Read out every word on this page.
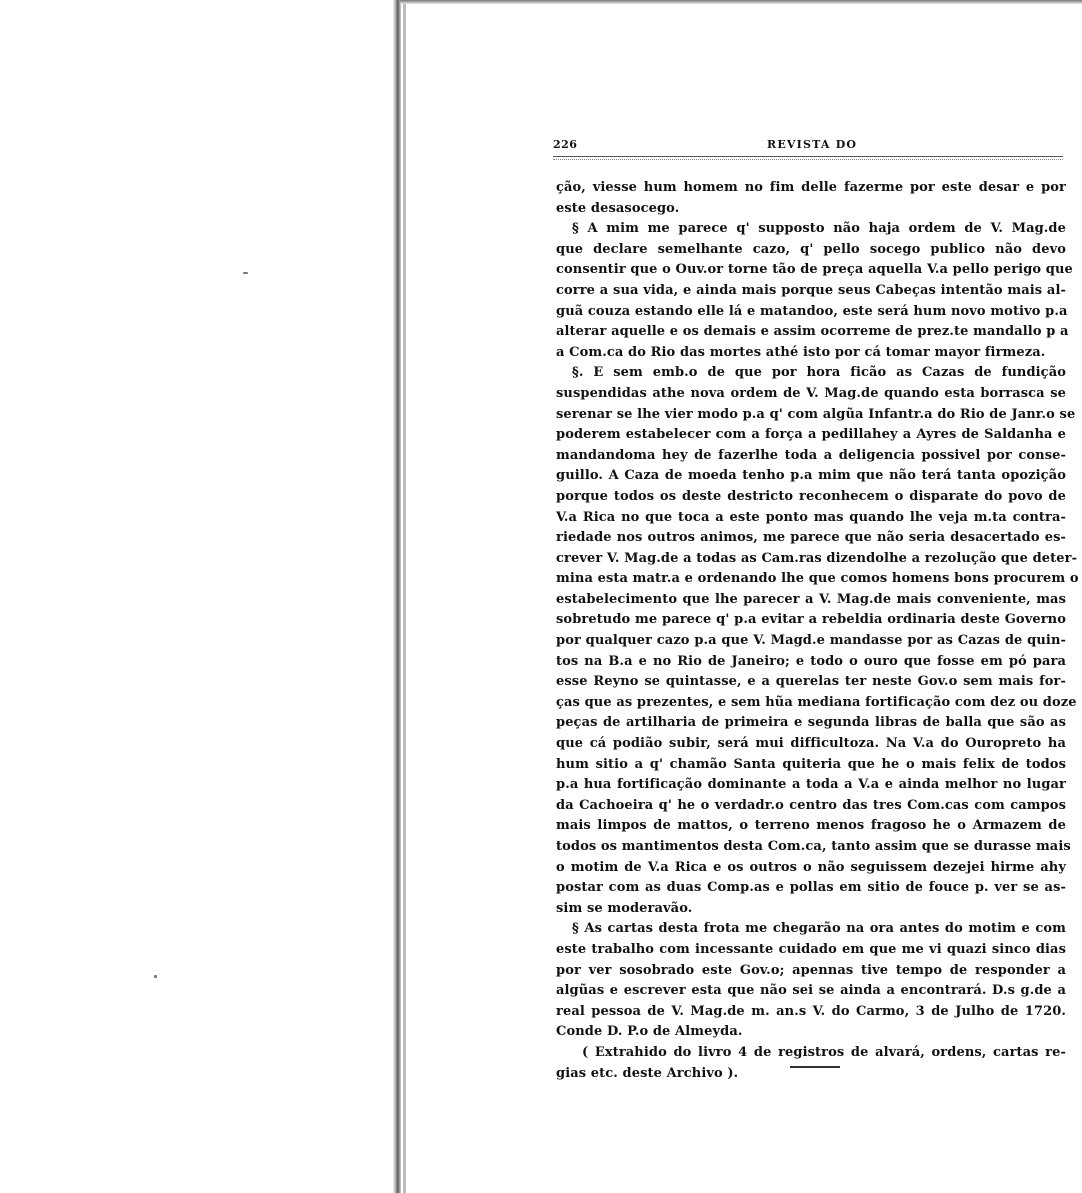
226	REVISTA DO
ção, viesse hum homem no fim delle fazerme por este desar e por
este desasocego.
§ A mim me parece q' supposto não haja ordem de V. Mag.de
que declare semelhante cazo, q' pello socego publico não devo
consentir que o Ouv.or torne tão de preça aquella V.a pello perigo que
corre a sua vida, e ainda mais porque seus Cabeças intentão mais al-
guã couza estando elle lá e matandoo, este será hum novo motivo p.a
alterar aquelle e os demais e assim ocorreme de prez.te mandallo p a
a Com.ca do Rio das mortes athé isto por cá tomar mayor firmeza.
§. E sem emb.o de que por hora ficão as Cazas de fundição
suspendidas athe nova ordem de V. Mag.de quando esta borrasca se
serenar se lhe vier modo p.a q' com algũa Infantr.a do Rio de Janr.o se
poderem estabelecer com a força a pedillahey a Ayres de Saldanha e
mandandoma hey de fazerlhe toda a deligencia possivel por conse-
guillo. A Caza de moeda tenho p.a mim que não terá tanta opozição
porque todos os deste destricto reconhecem o disparate do povo de
V.a Rica no que toca a este ponto mas quando lhe veja m.ta contra-
riedade nos outros animos, me parece que não seria desacertado es-
crever V. Mag.de a todas as Cam.ras dizendolhe a rezolução que deter-
mina esta matr.a e ordenando lhe que comos homens bons procurem o
estabelecimento que lhe parecer a V. Mag.de mais conveniente, mas
sobretudo me parece q' p.a evitar a rebeldia ordinaria deste Governo
por qualquer cazo p.a que V. Magd.e mandasse por as Cazas de quin-
tos na B.a e no Rio de Janeiro; e todo o ouro que fosse em pó para
esse Reyno se quintasse, e a querelas ter neste Gov.o sem mais for-
ças que as prezentes, e sem hũa mediana fortificação com dez ou doze
peças de artilharia de primeira e segunda libras de balla que são as
que cá podião subir, será mui difficultoza. Na V.a do Ouropreto ha
hum sitio a q' chamão Santa quiteria que he o mais felix de todos
p.a hua fortificação dominante a toda a V.a e ainda melhor no lugar
da Cachoeira q' he o verdadr.o centro das tres Com.cas com campos
mais limpos de mattos, o terreno menos fragoso he o Armazem de
todos os mantimentos desta Com.ca, tanto assim que se durasse mais
o motim de V.a Rica e os outros o não seguissem dezejei hirme ahy
postar com as duas Comp.as e pollas em sitio de fouce p. ver se as-
sim se moderavão.
§ As cartas desta frota me chegarão na ora antes do motim e com
este trabalho com incessante cuidado em que me vi quazi sinco dias
por ver sosobrado este Gov.o; apennas tive tempo de responder a
algũas e escrever esta que não sei se ainda a encontrará. D.s g.de a
real pessoa de V. Mag.de m. an.s V. do Carmo, 3 de Julho de 1720.
Conde D. P.o de Almeyda.
( Extrahido do livro 4 de registros de alvará, ordens, cartas re-
gias etc. deste Archivo ).
